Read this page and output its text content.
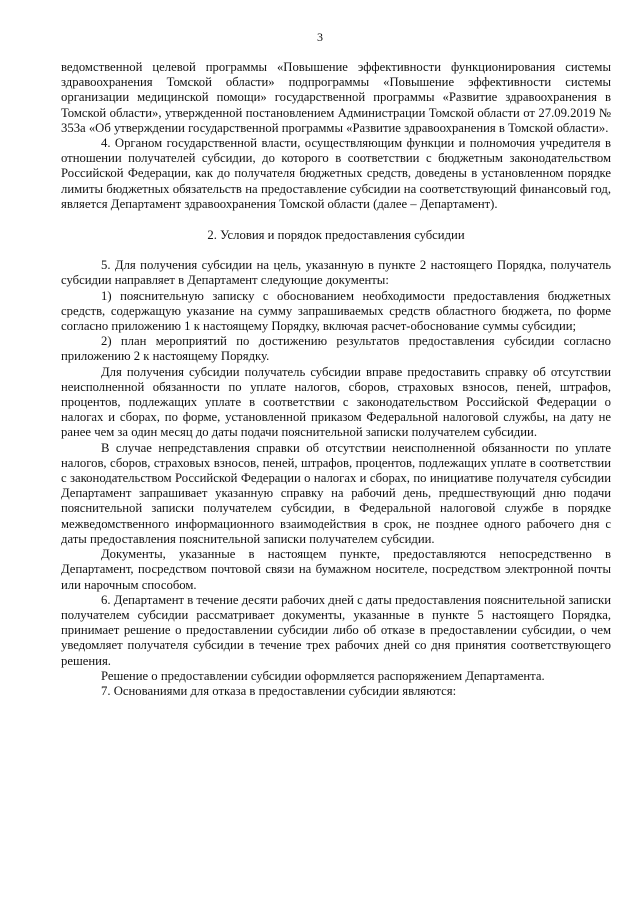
3

ведомственной целевой программы «Повышение эффективности функционирования системы здравоохранения Томской области» подпрограммы «Повышение эффективности системы организации медицинской помощи» государственной программы «Развитие здравоохранения в Томской области», утвержденной постановлением Администрации Томской области от 27.09.2019 № 353а «Об утверждении государственной программы «Развитие здравоохранения в Томской области».

4. Органом государственной власти, осуществляющим функции и полномочия учредителя в отношении получателей субсидии, до которого в соответствии с бюджетным законодательством Российской Федерации, как до получателя бюджетных средств, доведены в установленном порядке лимиты бюджетных обязательств на предоставление субсидии на соответствующий финансовый год, является Департамент здравоохранения Томской области (далее – Департамент).

2. Условия и порядок предоставления субсидии

5. Для получения субсидии на цель, указанную в пункте 2 настоящего Порядка, получатель субсидии направляет в Департамент следующие документы:

1) пояснительную записку с обоснованием необходимости предоставления бюджетных средств, содержащую указание на сумму запрашиваемых средств областного бюджета, по форме согласно приложению 1 к настоящему Порядку, включая расчет-обоснование суммы субсидии;

2) план мероприятий по достижению результатов предоставления субсидии согласно приложению 2 к настоящему Порядку.

Для получения субсидии получатель субсидии вправе предоставить справку об отсутствии неисполненной обязанности по уплате налогов, сборов, страховых взносов, пеней, штрафов, процентов, подлежащих уплате в соответствии с законодательством Российской Федерации о налогах и сборах, по форме, установленной приказом Федеральной налоговой службы, на дату не ранее чем за один месяц до даты подачи пояснительной записки получателем субсидии.

В случае непредставления справки об отсутствии неисполненной обязанности по уплате налогов, сборов, страховых взносов, пеней, штрафов, процентов, подлежащих уплате в соответствии с законодательством Российской Федерации о налогах и сборах, по инициативе получателя субсидии Департамент запрашивает указанную справку на рабочий день, предшествующий дню подачи пояснительной записки получателем субсидии, в Федеральной налоговой службе в порядке межведомственного информационного взаимодействия в срок, не позднее одного рабочего дня с даты предоставления пояснительной записки получателем субсидии.

Документы, указанные в настоящем пункте, предоставляются непосредственно в Департамент, посредством почтовой связи на бумажном носителе, посредством электронной почты или нарочным способом.

6. Департамент в течение десяти рабочих дней с даты предоставления пояснительной записки получателем субсидии рассматривает документы, указанные в пункте 5 настоящего Порядка, принимает решение о предоставлении субсидии либо об отказе в предоставлении субсидии, о чем уведомляет получателя субсидии в течение трех рабочих дней со дня принятия соответствующего решения.

Решение о предоставлении субсидии оформляется распоряжением Департамента.

7. Основаниями для отказа в предоставлении субсидии являются:
